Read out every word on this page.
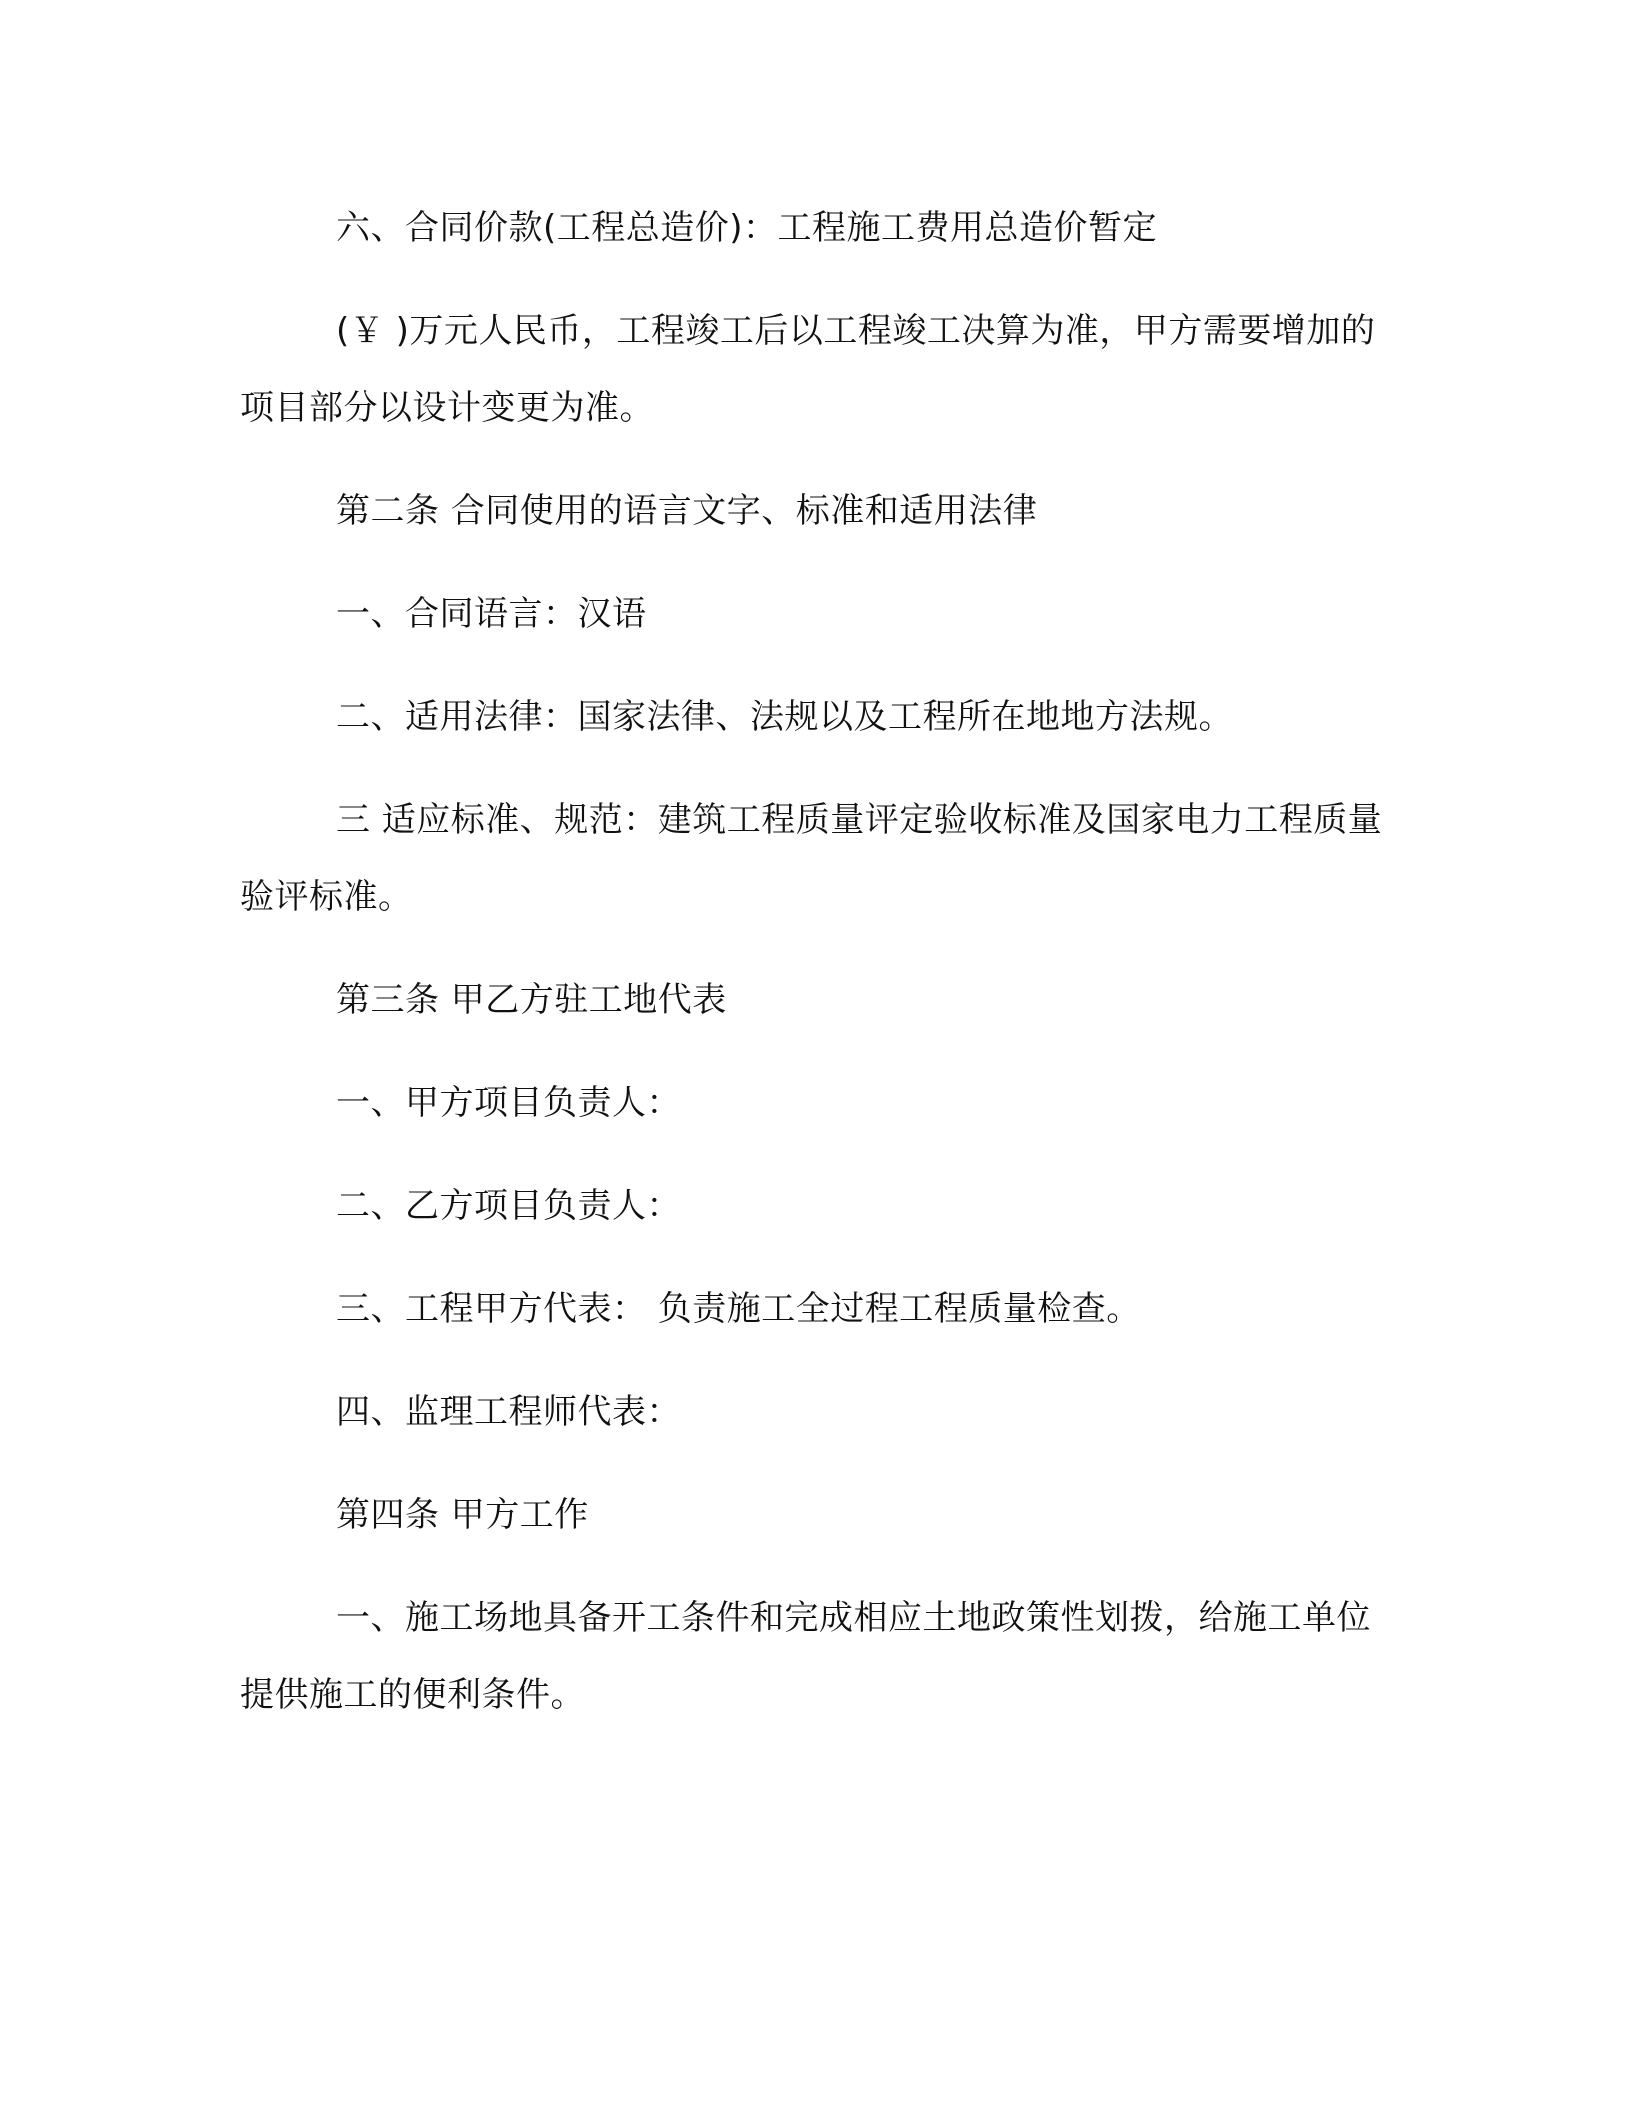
六、合同价款(工程总造价)：工程施工费用总造价暂定

(￥ )万元人民币，工程竣工后以工程竣工决算为准，甲方需要增加的项目部分以设计变更为准。

第二条 合同使用的语言文字、标准和适用法律

一、合同语言：汉语

二、适用法律：国家法律、法规以及工程所在地地方法规。

三 适应标准、规范：建筑工程质量评定验收标准及国家电力工程质量验评标准。

第三条 甲乙方驻工地代表

一、甲方项目负责人：

二、乙方项目负责人：

三、工程甲方代表： 负责施工全过程工程质量检查。

四、监理工程师代表：

第四条 甲方工作

一、施工场地具备开工条件和完成相应土地政策性划拨，给施工单位提供施工的便利条件。
